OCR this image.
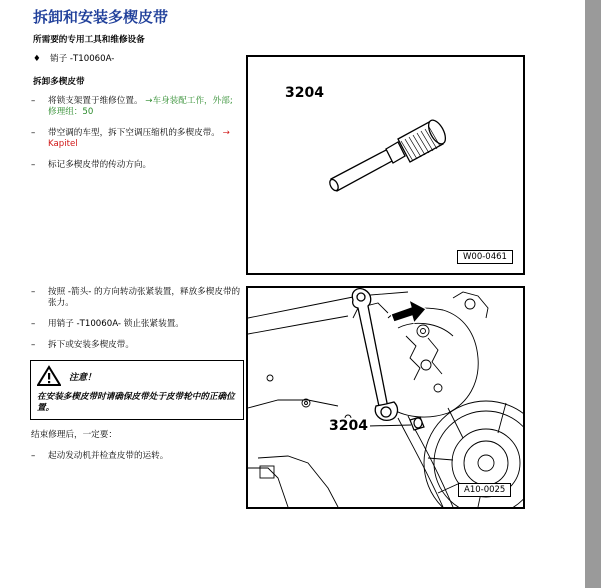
拆卸和安装多楔皮带
所需要的专用工具和维修设备
♦	销子 -T10060A-
拆卸多楔皮带
–	将锁支架置于维修位置。 →车身装配工作，外部; 修理组：50
–	带空调的车型，拆下空调压缩机的多楔皮带。 → Kapitel
–	标记多楔皮带的传动方向。
3204
W00-0461
–	按照 -箭头- 的方向转动张紧装置，释放多楔皮带的张力。
–	用销子 -T10060A- 锁止张紧装置。
–	拆下或安装多楔皮带。
注意！
在安装多楔皮带时请确保皮带处于皮带轮中的正确位置。
结束修理后，一定要：
–	起动发动机并检查皮带的运转。
3204
A10-0025
